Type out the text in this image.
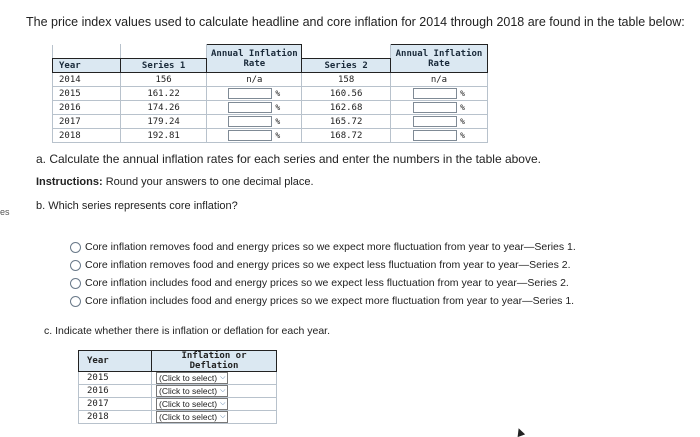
es
The price index values used to calculate headline and core inflation for 2014 through 2018 are found in the table below:
		Annual Inflation Rate		Annual Inflation Rate
Year	Series 1		Series 2	
2014	156	n/a	158	n/a
2015	161.22	%	160.56	%
2016	174.26	%	162.68	%
2017	179.24	%	165.72	%
2018	192.81	%	168.72	%
a. Calculate the annual inflation rates for each series and enter the numbers in the table above.
Instructions: Round your answers to one decimal place.
b. Which series represents core inflation?
Core inflation removes food and energy prices so we expect more fluctuation from year to year—Series 1.
Core inflation removes food and energy prices so we expect less fluctuation from year to year—Series 2.
Core inflation includes food and energy prices so we expect less fluctuation from year to year—Series 2.
Core inflation includes food and energy prices so we expect more fluctuation from year to year—Series 1.
c. Indicate whether there is inflation or deflation for each year.
Year	Inflation or Deflation
2015	(Click to select) ⌵

2016	(Click to select) ⌵

2017	(Click to select) ⌵

2018	(Click to select) ⌵
